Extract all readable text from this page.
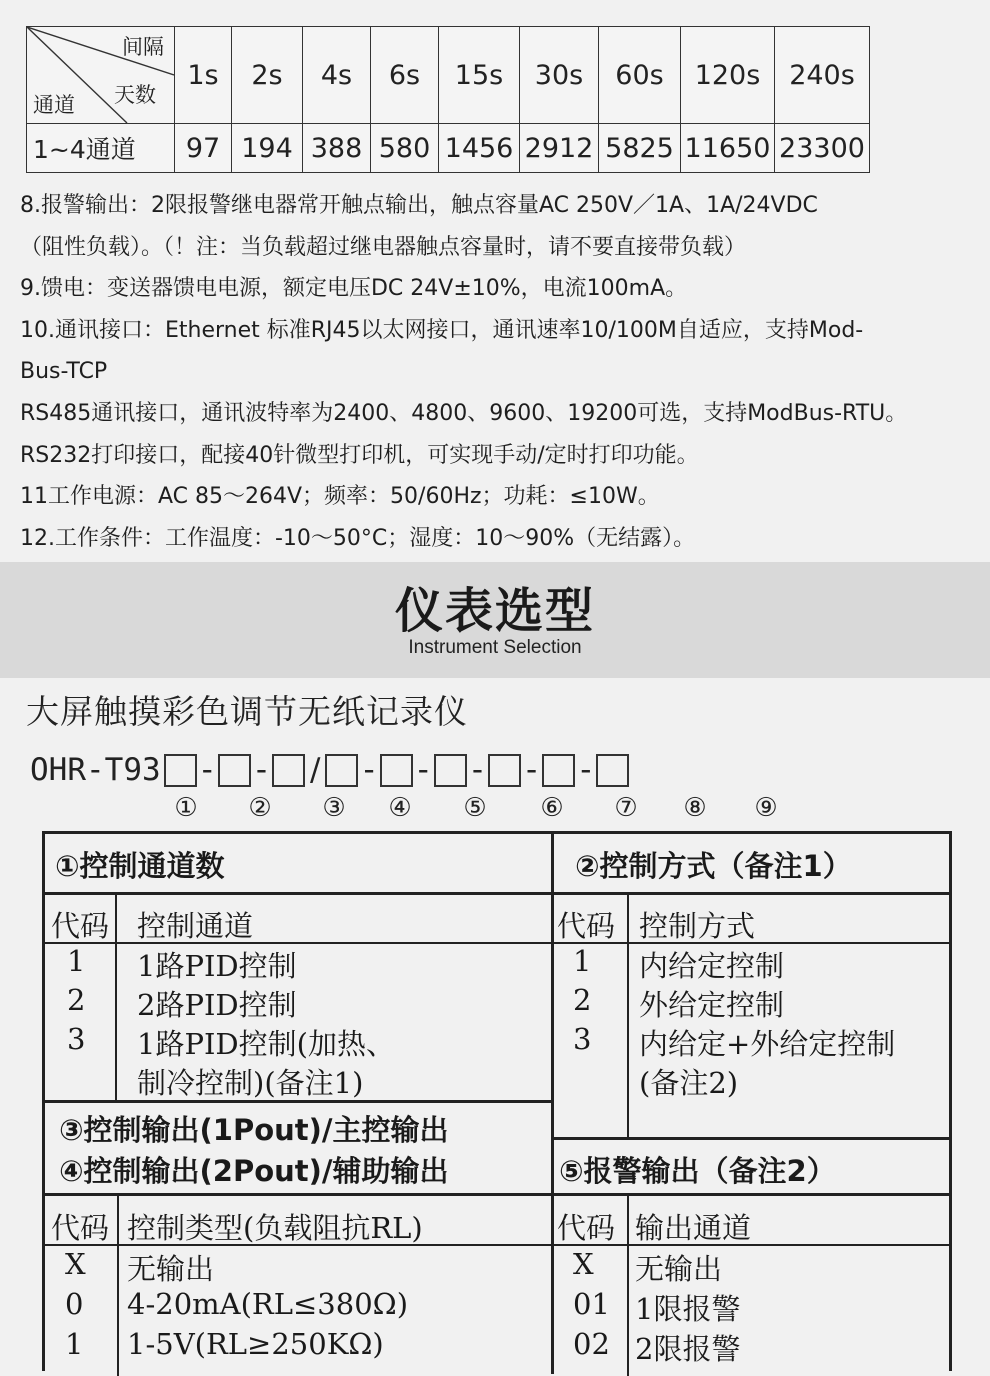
间隔
天数
通道	1s	2s	4s	6s	15s	30s	60s	120s	240s
1~4通道	97	194	388	580	1456	2912	5825	11650	23300

8.报警输出：2限报警继电器常开触点输出，触点容量AC 250V／1A、1A/24VDC

（阻性负载）。（！注：当负载超过继电器触点容量时，请不要直接带负载）

9.馈电：变送器馈电电源，额定电压DC 24V±10%，电流100mA。

10.通讯接口：Ethernet 标准RJ45以太网接口，通讯速率10/100M自适应，支持Mod-

Bus-TCP

RS485通讯接口，通讯波特率为2400、4800、9600、19200可选，支持ModBus-RTU。

RS232打印接口，配接40针微型打印机，可实现手动/定时打印功能。

11工作电源：AC 85～264V；频率：50/60Hz；功耗：≤10W。

12.工作条件：工作温度：-10～50°C；湿度：10～90%（无结露）。

仪表选型
Instrument Selection
大屏触摸彩色调节无纸记录仪
OHR-T93 - - / - - - - -
① ② ③ ④ ⑤ ⑥ ⑦ ⑧ ⑨
①控制通道数
代码 控制通道
1 1路PID控制
2 2路PID控制
3 1路PID控制(加热、
制冷控制)(备注1)
②控制方式（备注1）
代码 控制方式
1 内给定控制
2 外给定控制
3 内给定+外给定控制
(备注2)
③控制输出(1Pout)/主控输出
④控制输出(2Pout)/辅助输出
代码 控制类型(负载阻抗RL)
X 无输出
0 4-20mA(RL≤380Ω)
1 1-5V(RL≥250KΩ)
⑤报警输出（备注2）
代码 输出通道
X 无输出
01 1限报警
02 2限报警
